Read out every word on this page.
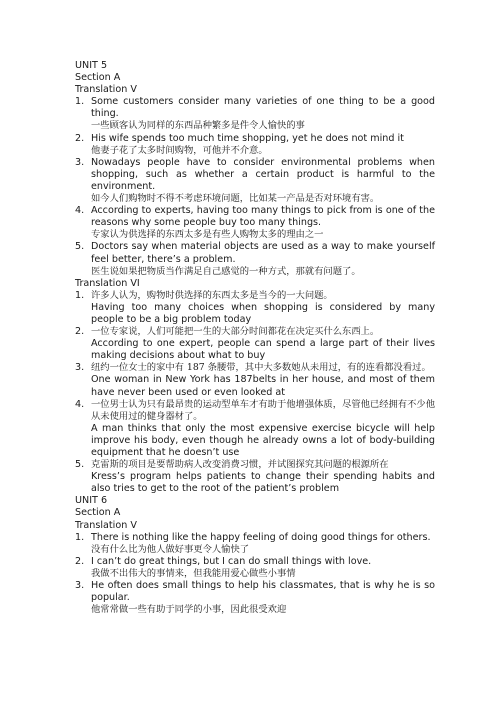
UNIT 5
Section A
Translation V
1. Some customers consider many varieties of one thing to be a good thing.
一些顾客认为同样的东西品种繁多是件令人愉快的事
2. His wife spends too much time shopping, yet he does not mind it
他妻子花了太多时间购物，可他并不介意。
3. Nowadays people have to consider environmental problems when shopping, such as whether a certain product is harmful to the environment.
如今人们购物时不得不考虑环境问题，比如某一产品是否对环境有害。
4. According to experts, having too many things to pick from is one of the reasons why some people buy too many things.
专家认为供选择的东西太多是有些人购物太多的理由之一
5. Doctors say when material objects are used as a way to make yourself feel better, there’s a problem.
医生说如果把物质当作满足自己感觉的一种方式，那就有问题了。
Translation VI
1. 许多人认为，购物时供选择的东西太多是当今的一大问题。
Having too many choices when shopping is considered by many people to be a big problem today
2. 一位专家说，人们可能把一生的大部分时间都花在决定买什么东西上。
According to one expert, people can spend a large part of their lives making decisions about what to buy
3. 纽约一位女士的家中有 187 条腰带，其中大多数她从未用过，有的连看都没看过。
One woman in New York has 187belts in her house, and most of them have never been used or even looked at
4. 一位男士认为只有最昂贵的运动型单车才有助于他增强体质，尽管他已经拥有不少他从未使用过的健身器材了。
A man thinks that only the most expensive exercise bicycle will help improve his body, even though he already owns a lot of body-building equipment that he doesn’t use
5. 克雷斯的项目是要帮助病人改变消费习惯，并试图探究其问题的根源所在
Kress’s program helps patients to change their spending habits and also tries to get to the root of the patient’s problem
UNIT 6
Section A
Translation V
1. There is nothing like the happy feeling of doing good things for others.
没有什么比为他人做好事更令人愉快了
2. I can’t do great things, but I can do small things with love.
我做不出伟大的事情来，但我能用爱心做些小事情
3. He often does small things to help his classmates, that is why he is so popular.
他常常做一些有助于同学的小事，因此很受欢迎
